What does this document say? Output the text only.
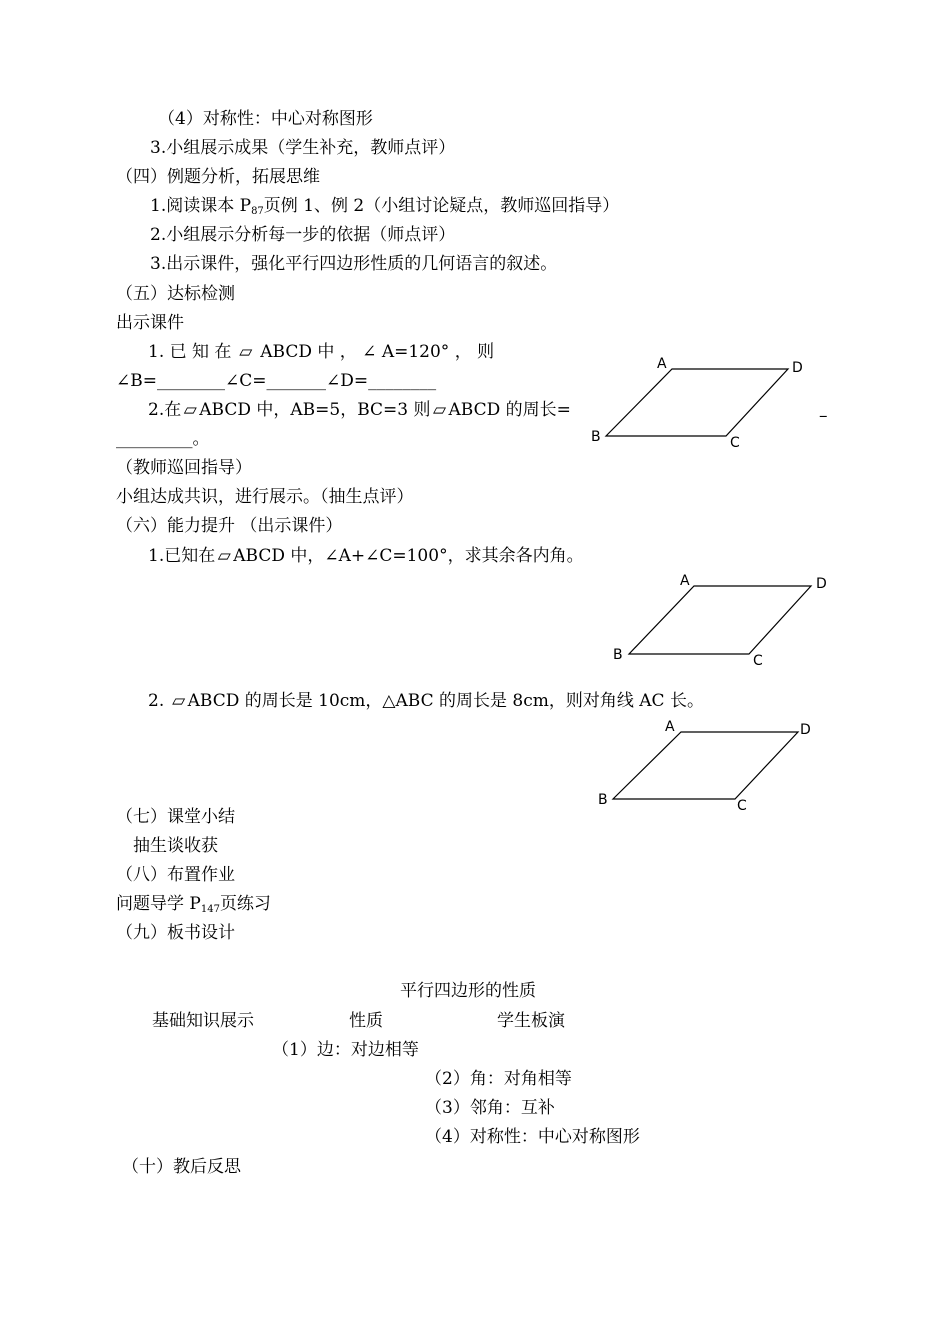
（4）对称性：中心对称图形
3.小组展示成果（学生补充，教师点评）
（四）例题分析，拓展思维
1.阅读课本 $P_{87}$页例 1、例 2（小组讨论疑点，教师巡回指导）
2.小组展示分析每一步的依据（师点评）
3.出示课件，强化平行四边形性质的几何语言的叙述。
（五）达标检测
出示课件
1. 已 知 在 ▱ ABCD 中 ， ∠ A=120° ， 则
∠B=________∠C=_______∠D=________
2.在 ▱ ABCD 中，AB=5，BC=3 则 ▱ ABCD 的周长=
_________。
（教师巡回指导）
小组达成共识，进行展示。（抽生点评）
（六）能力提升 （出示课件）
1.已知在 ▱ ABCD 中，∠A+∠C=100°，求其余各内角。
2. ▱ ABCD 的周长是 10cm，△ABC 的周长是 8cm，则对角线 AC 长。
（七）课堂小结
抽生谈收获
（八）布置作业
问题导学 $P_{147}$页练习
（九）板书设计
平行四边形的性质
基础知识展示	性质	学生板演
（1）边：对边相等
（2）角：对角相等
（3）邻角：互补
（4）对称性：中心对称图形
（十）教后反思
–
A	D
B	C
A	D
B	C
A	D
B	C
